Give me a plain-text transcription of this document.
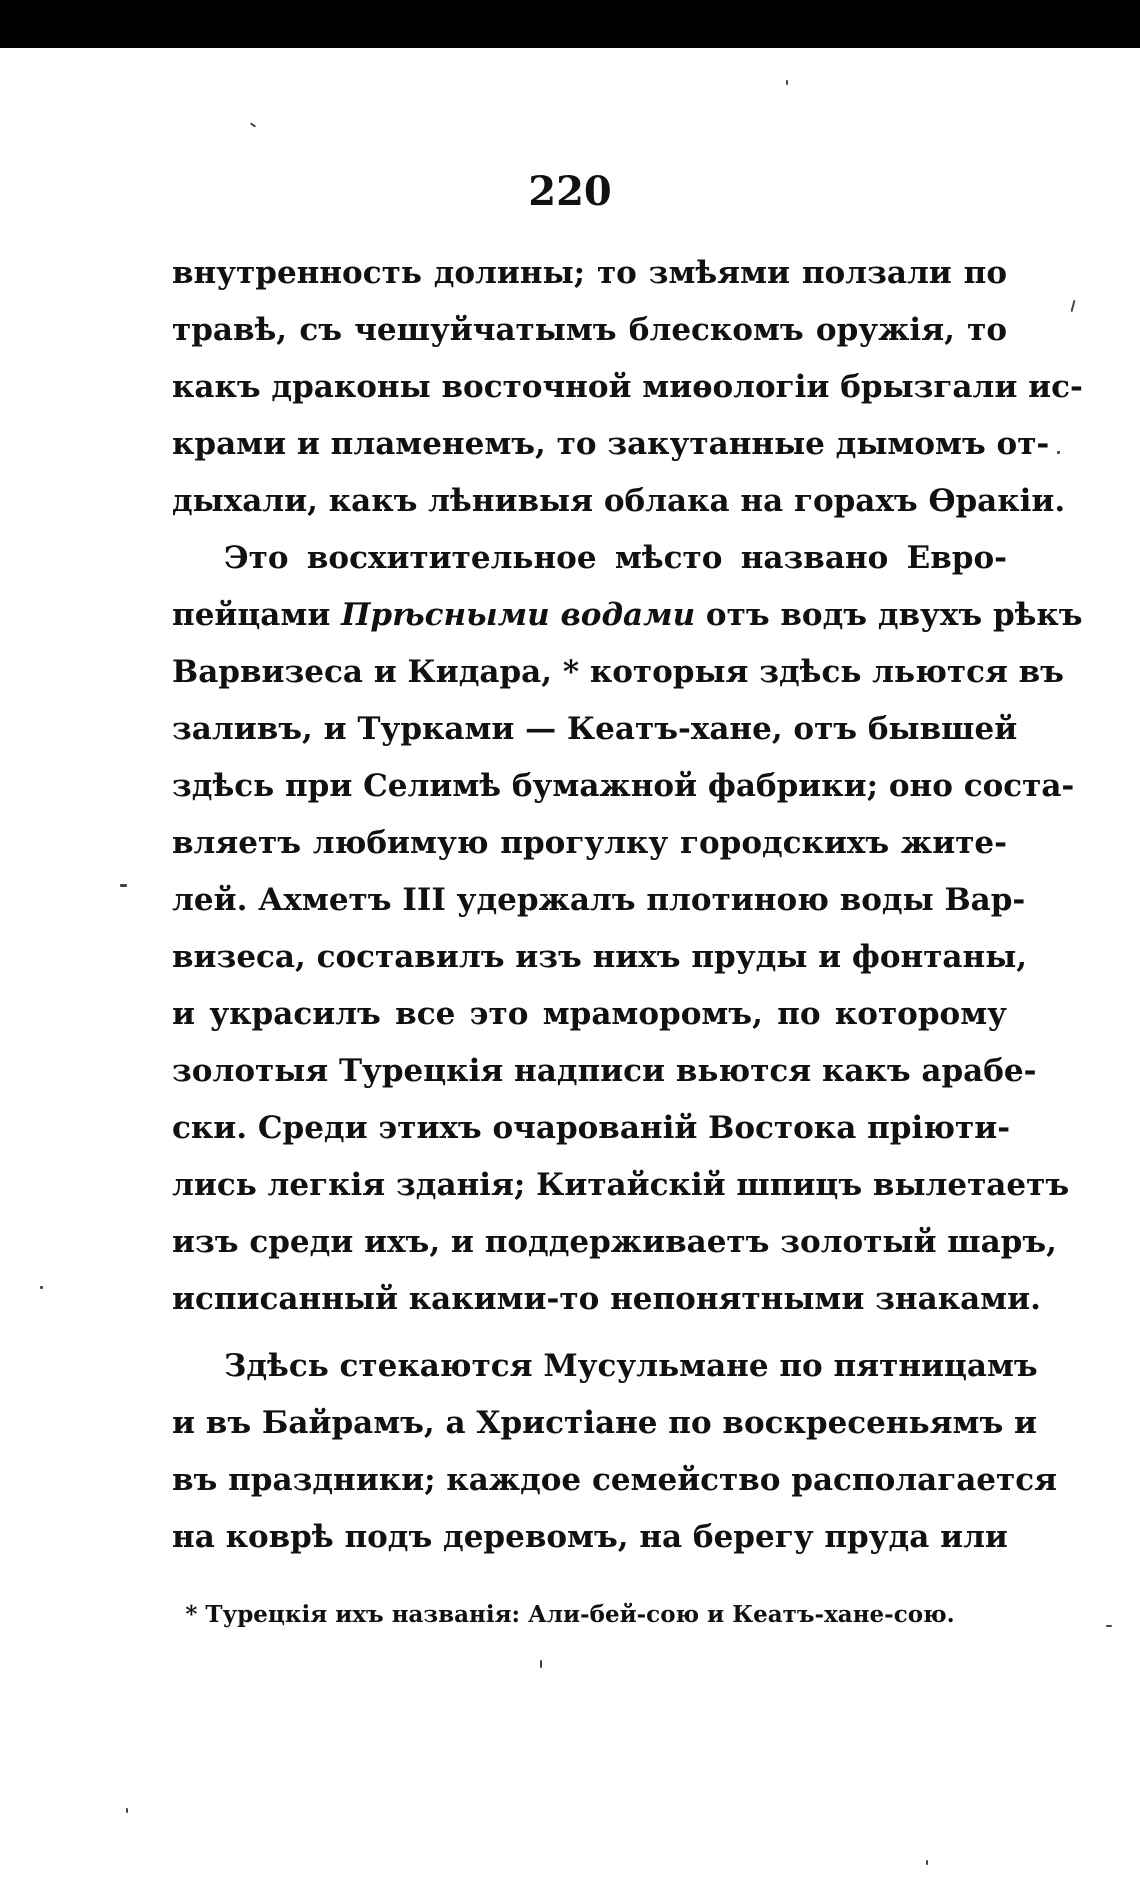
220
внутренность долины; то змѣями ползали по
травѣ, съ чешуйчатымъ блескомъ оружія, то
какъ драконы восточной миѳологіи брызгали ис-
крами и пламенемъ, то закутанные дымомъ от-
дыхали, какъ лѣнивыя облака на горахъ Ѳракіи.
Это восхитительное мѣсто названо Евро-
пейцами Прѣсными водами отъ водъ двухъ рѣкъ
Варвизеса и Кидара, * которыя здѣсь льются въ
заливъ, и Турками — Кеатъ-хане, отъ бывшей
здѣсь при Селимѣ бумажной фабрики; оно соста-
вляетъ любимую прогулку городскихъ жите-
лей. Ахметъ III удержалъ плотиною воды Вар-
визеса, составилъ изъ нихъ пруды и фонтаны,
и украсилъ все это мраморомъ, по которому
золотыя Турецкія надписи вьются какъ арабе-
ски. Среди этихъ очарованій Востока пріюти-
лись легкія зданія; Китайскій шпицъ вылетаетъ
изъ среди ихъ, и поддерживаетъ золотый шаръ,
исписанный какими-то непонятными знаками.
Здѣсь стекаются Мусульмане по пятницамъ
и въ Байрамъ, а Христіане по воскресеньямъ и
въ праздники; каждое семейство располагается
на коврѣ подъ деревомъ, на берегу пруда или
* Турецкія ихъ названія: Али-бей-сою и Кеатъ-хане-сою.
